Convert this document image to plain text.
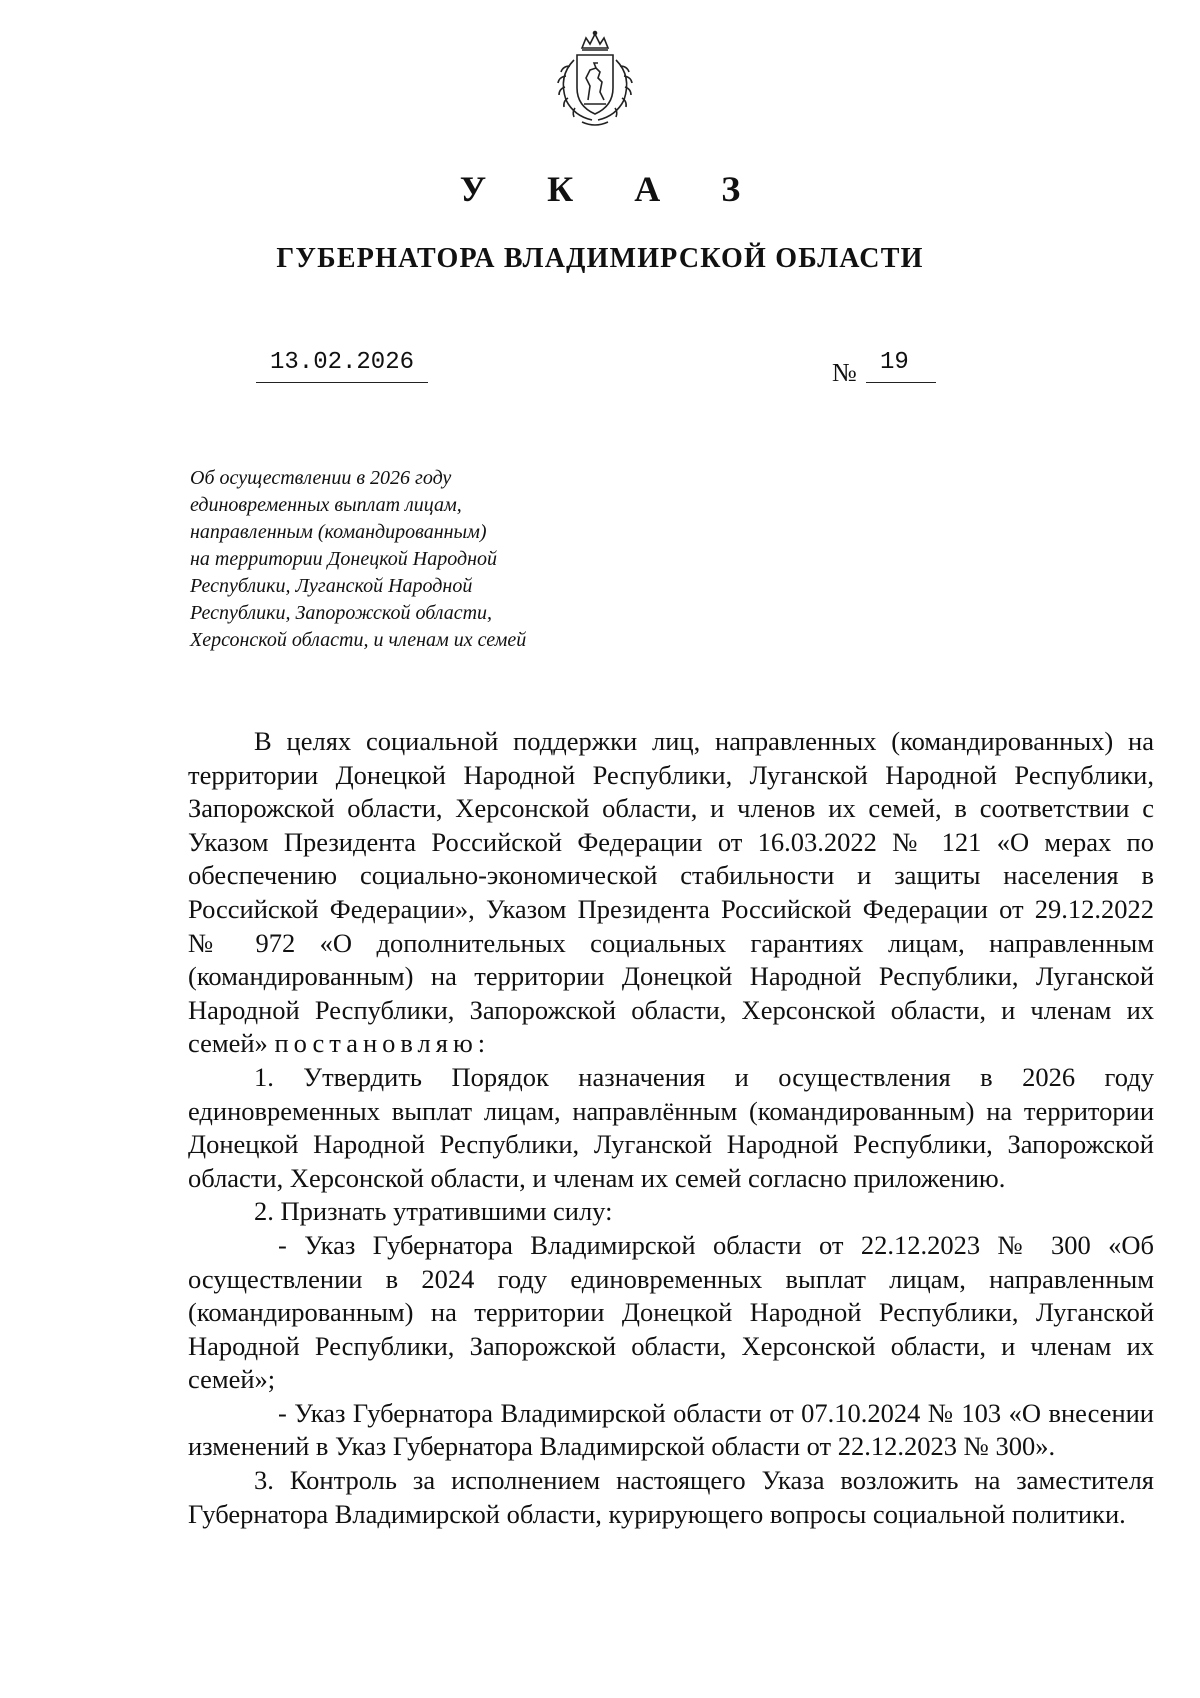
У К А З
ГУБЕРНАТОРА ВЛАДИМИРСКОЙ ОБЛАСТИ
13.02.2026	№ 19
Об осуществлении в 2026 году
единовременных выплат лицам,
направленным (командированным)
на территории Донецкой Народной
Республики, Луганской Народной
Республики, Запорожской области,
Херсонской области, и членам их семей

В целях социальной поддержки лиц, направленных (командированных) на территории Донецкой Народной Республики, Луганской Народной Республики, Запорожской области, Херсонской области, и членов их семей, в соответствии с Указом Президента Российской Федерации от 16.03.2022 № 121 «О мерах по обеспечению социально-экономической стабильности и защиты населения в Российской Федерации», Указом Президента Российской Федерации от 29.12.2022 № 972 «О дополнительных социальных гарантиях лицам, направленным (командированным) на территории Донецкой Народной Республики, Луганской Народной Республики, Запорожской области, Херсонской области, и членам их семей» постановляю:

1. Утвердить Порядок назначения и осуществления в 2026 году единовременных выплат лицам, направлённым (командированным) на территории Донецкой Народной Республики, Луганской Народной Республики, Запорожской области, Херсонской области, и членам их семей согласно приложению.

2. Признать утратившими силу:

- Указ Губернатора Владимирской области от 22.12.2023 № 300 «Об осуществлении в 2024 году единовременных выплат лицам, направленным (командированным) на территории Донецкой Народной Республики, Луганской Народной Республики, Запорожской области, Херсонской области, и членам их семей»;

- Указ Губернатора Владимирской области от 07.10.2024 № 103 «О внесении изменений в Указ Губернатора Владимирской области от 22.12.2023 № 300».

3. Контроль за исполнением настоящего Указа возложить на заместителя Губернатора Владимирской области, курирующего вопросы социальной политики.
